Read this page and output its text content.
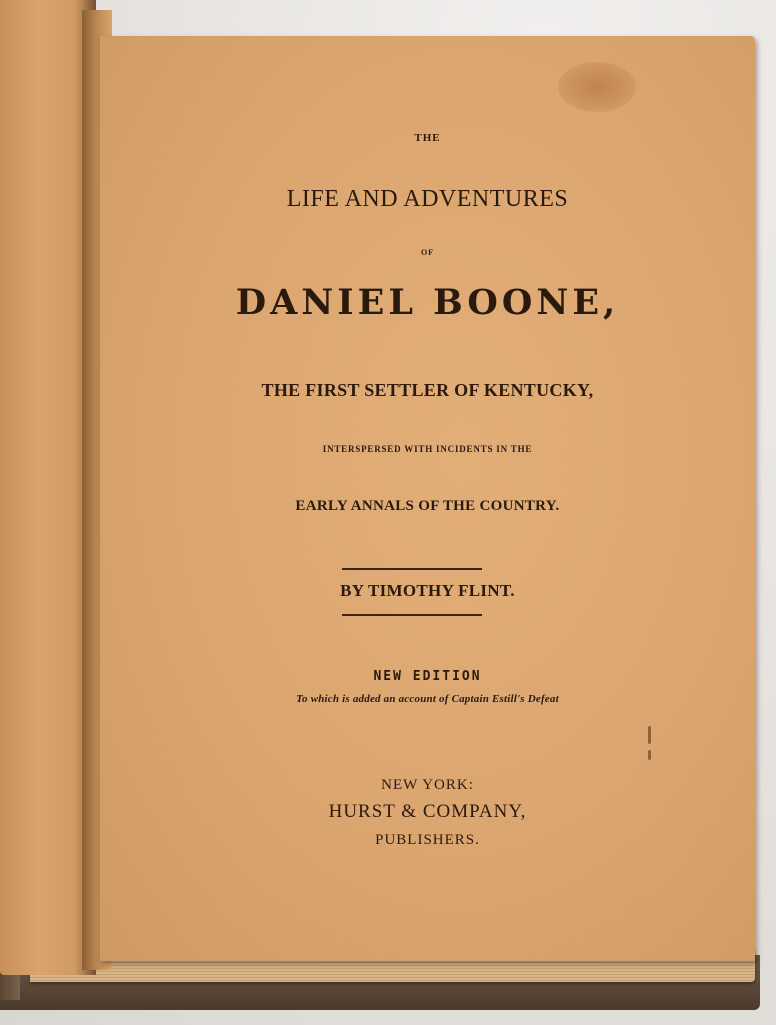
THE
LIFE AND ADVENTURES
OF
DANIEL BOONE,
THE FIRST SETTLER OF KENTUCKY,
INTERSPERSED WITH INCIDENTS IN THE
EARLY ANNALS OF THE COUNTRY.
BY TIMOTHY FLINT.
NEW EDITION
To which is added an account of Captain Estill's Defeat
NEW YORK:
HURST & COMPANY,
PUBLISHERS.
